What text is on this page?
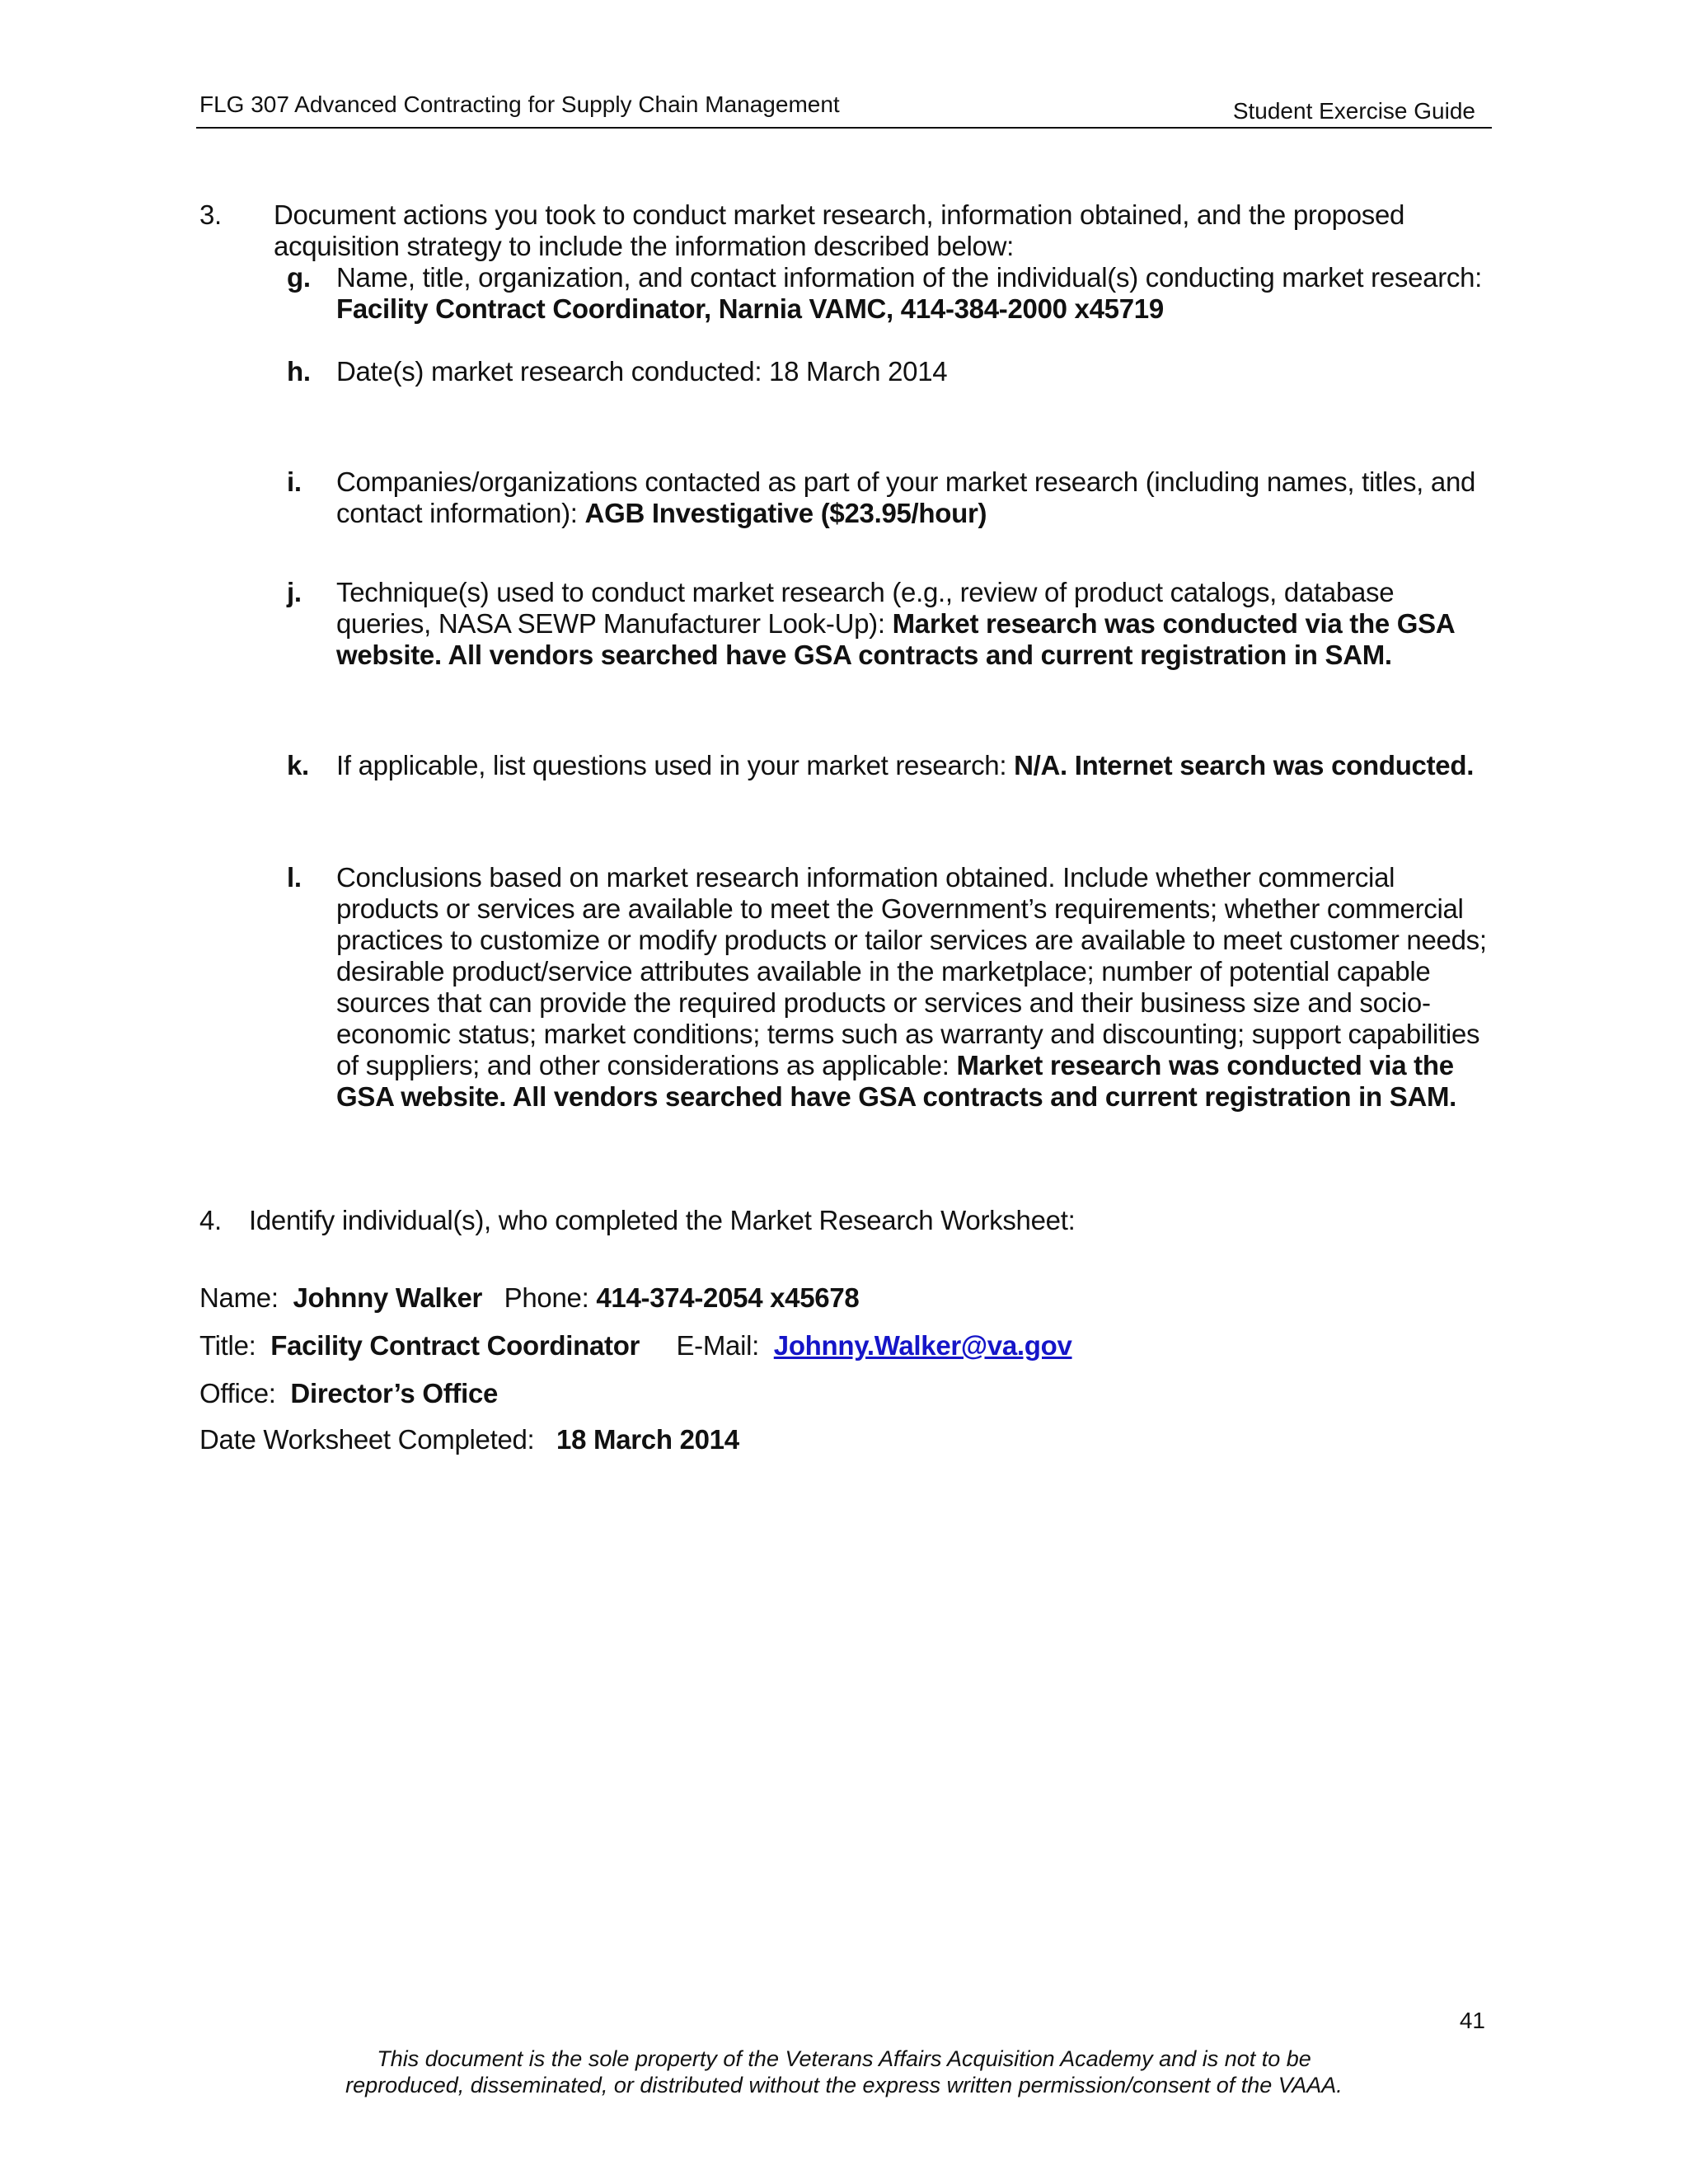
FLG 307 Advanced Contracting for Supply Chain Management	Student Exercise Guide
3. Document actions you took to conduct market research, information obtained, and the proposed acquisition strategy to include the information described below:
g. Name, title, organization, and contact information of the individual(s) conducting market research: Facility Contract Coordinator, Narnia VAMC, 414-384-2000 x45719
h. Date(s) market research conducted: 18 March 2014
i. Companies/organizations contacted as part of your market research (including names, titles, and contact information): AGB Investigative ($23.95/hour)
j. Technique(s) used to conduct market research (e.g., review of product catalogs, database queries, NASA SEWP Manufacturer Look-Up): Market research was conducted via the GSA website. All vendors searched have GSA contracts and current registration in SAM.
k. If applicable, list questions used in your market research: N/A. Internet search was conducted.
l. Conclusions based on market research information obtained. Include whether commercial products or services are available to meet the Government’s requirements; whether commercial practices to customize or modify products or tailor services are available to meet customer needs; desirable product/service attributes available in the marketplace; number of potential capable sources that can provide the required products or services and their business size and socio-economic status; market conditions; terms such as warranty and discounting; support capabilities of suppliers; and other considerations as applicable: Market research was conducted via the GSA website. All vendors searched have GSA contracts and current registration in SAM.
4. Identify individual(s), who completed the Market Research Worksheet:
Name: Johnny Walker Phone: 414-374-2054 x45678
Title: Facility Contract Coordinator E-Mail: Johnny.Walker@va.gov
Office: Director’s Office
Date Worksheet Completed: 18 March 2014
41
This document is the sole property of the Veterans Affairs Acquisition Academy and is not to be
reproduced, disseminated, or distributed without the express written permission/consent of the VAAA.
